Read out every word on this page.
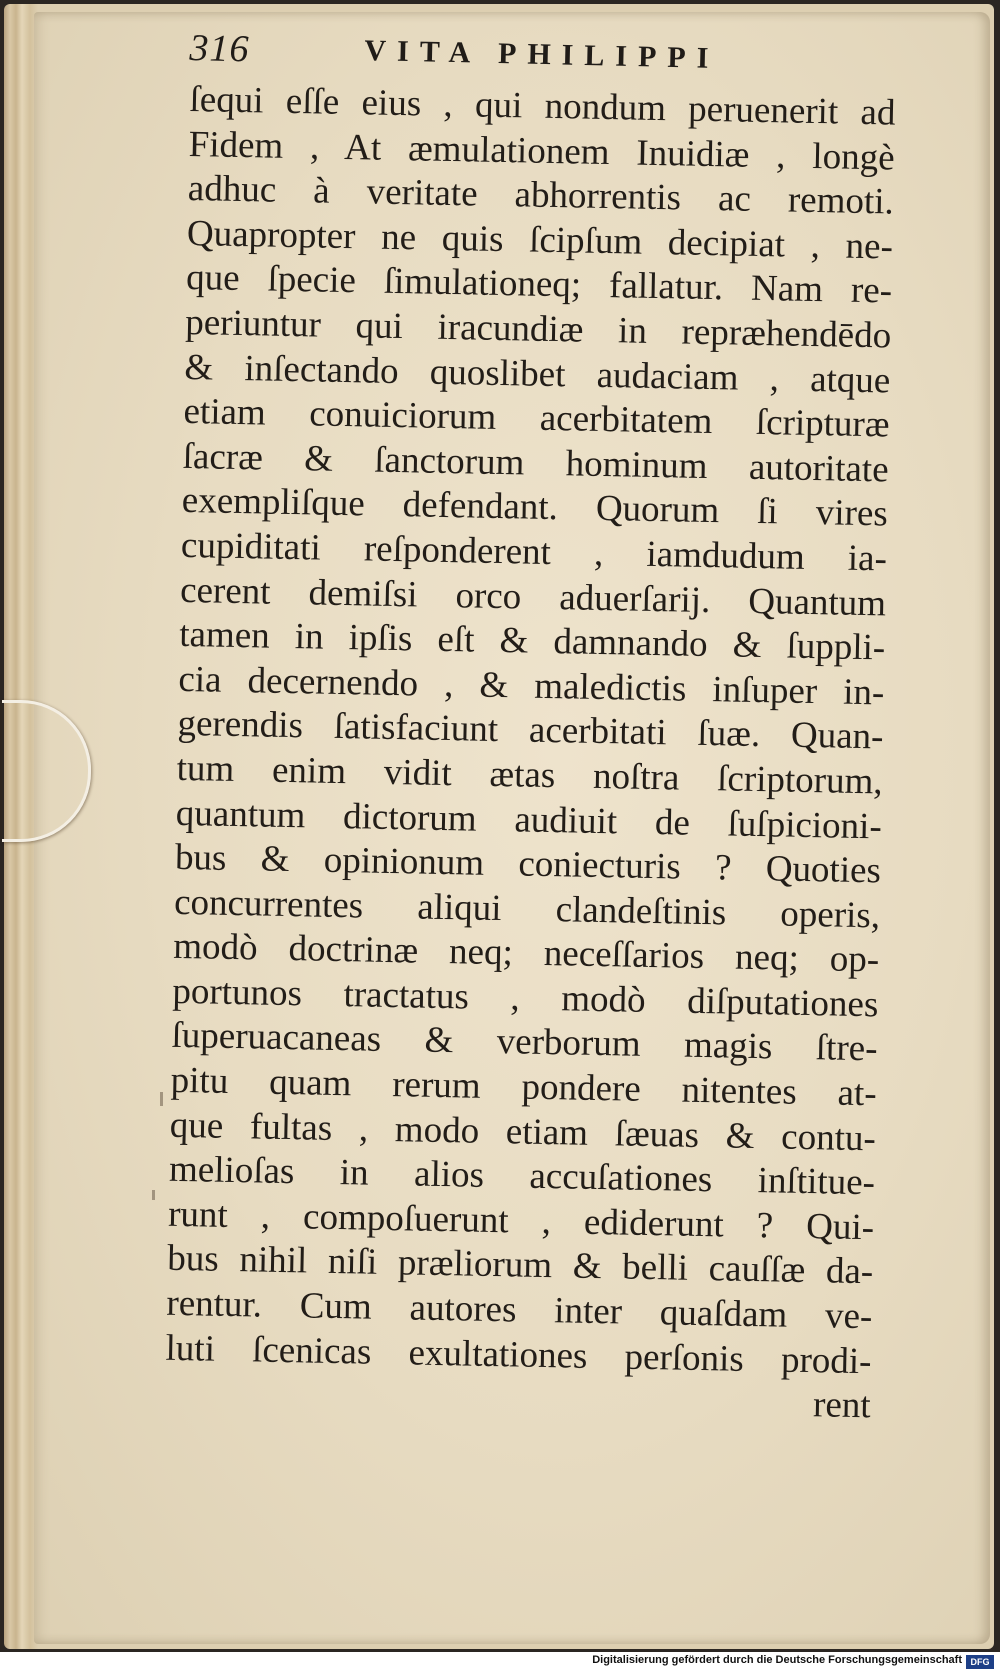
316	VITA PHILIPPI
ſequi eſſe eius , qui nondum peruenerit ad
Fidem , At æmulationem Inuidiæ , longè
adhuc à veritate abhorrentis ac remoti.
Quapropter ne quis ſcipſum decipiat , ne-
que ſpecie ſimulationeq; fallatur. Nam re-
periuntur qui iracundiæ in repræhendēdo
& inſectando quoslibet audaciam , atque
etiam conuiciorum acerbitatem ſcripturæ
ſacræ & ſanctorum hominum autoritate
exempliſque defendant. Quorum ſi vires
cupiditati reſponderent , iamdudum ia-
cerent demiſsi orco aduerſarij. Quantum
tamen in ipſis eſt & damnando & ſuppli-
cia decernendo , & maledictis inſuper in-
gerendis ſatisfaciunt acerbitati ſuæ. Quan-
tum enim vidit ætas noſtra ſcriptorum,
quantum dictorum audiuit de ſuſpicioni-
bus & opinionum coniecturis ? Quoties
concurrentes aliqui clandeſtinis operis,
modò doctrinæ neq; neceſſarios neq; op-
portunos tractatus , modò diſputationes
ſuperuacaneas & verborum magis ſtre-
pitu quam rerum pondere nitentes at-
que fultas , modo etiam ſæuas & contu-
melioſas in alios accuſationes inſtitue-
runt , compoſuerunt , ediderunt ? Qui-
bus nihil niſi præliorum & belli cauſſæ da-
rentur. Cum autores inter quaſdam ve-
luti ſcenicas exultationes perſonis prodi-
rent
Digitalisierung gefördert durch die Deutsche Forschungsgemeinschaft DFG
